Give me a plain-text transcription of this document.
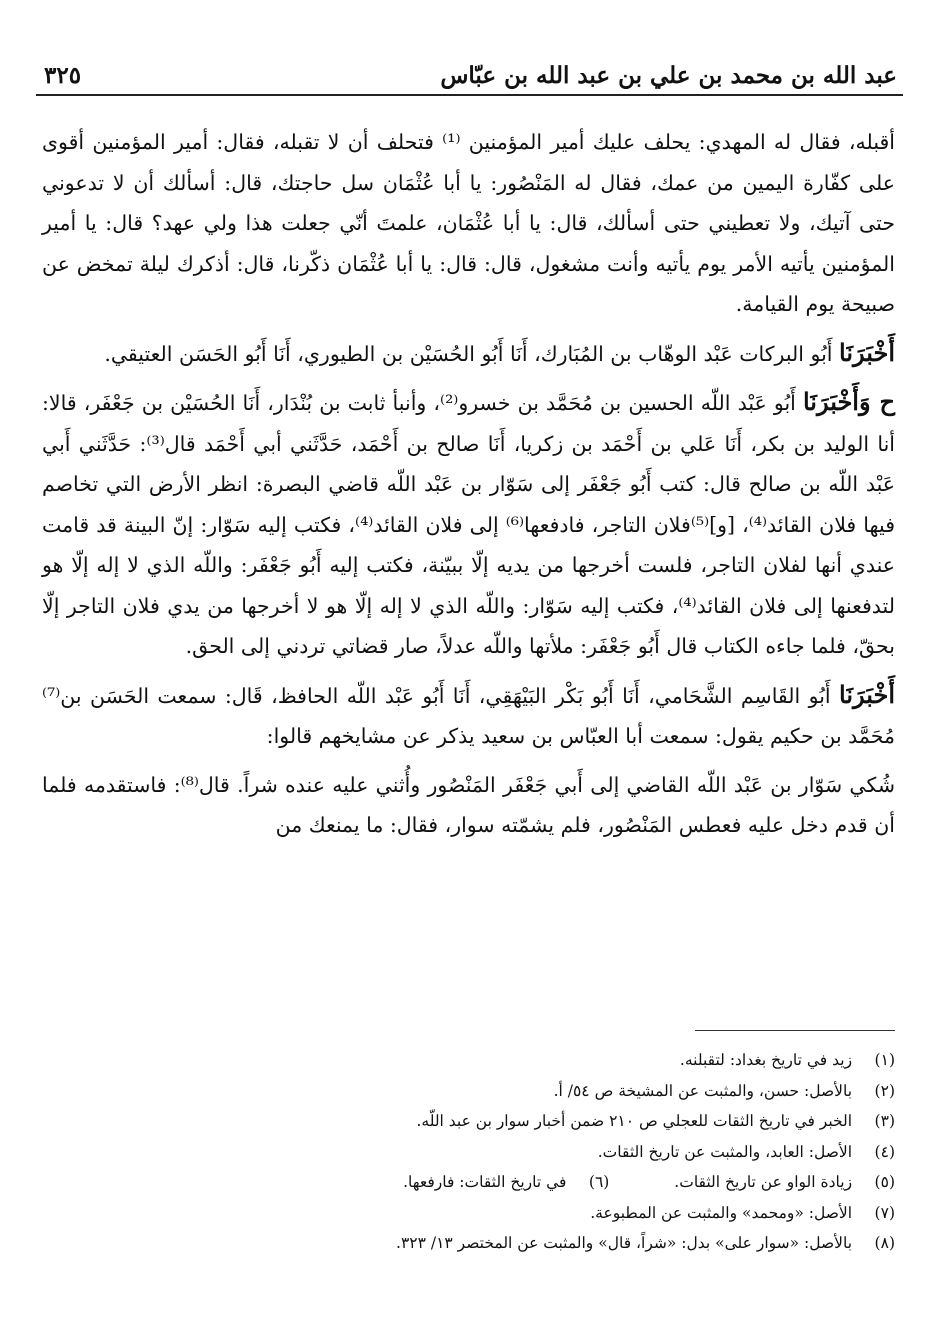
عبد الله بن محمد بن علي بن عبد الله بن عبّاس
٣٢٥

أقبله، فقال له المهدي: يحلف عليك أمير المؤمنين ⁽¹⁾ فتحلف أن لا تقبله، فقال: أمير المؤمنين أقوى على كفّارة اليمين من عمك، فقال له المَنْصُور: يا أبا عُثْمَان سل حاجتك، قال: أسألك أن لا تدعوني حتى آتيك، ولا تعطيني حتى أسألك، قال: يا أبا عُثْمَان، علمتَ أنّي جعلت هذا ولي عهد؟ قال: يا أمير المؤمنين يأتيه الأمر يوم يأتيه وأنت مشغول، قال: قال: يا أبا عُثْمَان ذكّرنا، قال: أذكرك ليلة تمخض عن صبيحة يوم القيامة.

أَخْبَرَنَا أَبُو البركات عَبْد الوهّاب بن المُبَارك، أَنَا أَبُو الحُسَيْن بن الطيوري، أَنَا أَبُو الحَسَن العتيقي.

ح وَأَخْبَرَنَا أَبُو عَبْد اللّه الحسين بن مُحَمَّد بن خسرو⁽²⁾، وأنبأ ثابت بن بُنْدَار، أَنَا الحُسَيْن بن جَعْفَر، قالا: أنا الوليد بن بكر، أَنَا عَلي بن أَحْمَد بن زكريا، أَنَا صالح بن أَحْمَد، حَدَّثَني أبي أَحْمَد قال⁽³⁾: حَدَّثَني أَبي عَبْد اللّه بن صالح قال: كتب أَبُو جَعْفَر إلى سَوّار بن عَبْد اللّه قاضي البصرة: انظر الأرض التي تخاصم فيها فلان القائد⁽⁴⁾، [و]⁽⁵⁾فلان التاجر، فادفعها⁽⁶⁾ إلى فلان القائد⁽⁴⁾، فكتب إليه سَوّار: إنّ البينة قد قامت عندي أنها لفلان التاجر، فلست أخرجها من يديه إلّا ببيّنة، فكتب إليه أَبُو جَعْفَر: واللّه الذي لا إله إلّا هو لتدفعنها إلى فلان القائد⁽⁴⁾، فكتب إليه سَوّار: واللّه الذي لا إله إلّا هو لا أخرجها من يدي فلان التاجر إلّا بحقّ، فلما جاءه الكتاب قال أَبُو جَعْفَر: ملأتها واللّه عدلاً، صار قضاتي تردني إلى الحق.

أَخْبَرَنَا أَبُو القَاسِم الشَّحَامي، أَنَا أَبُو بَكْر البَيْهَقِي، أَنَا أَبُو عَبْد اللّه الحافظ، قَال: سمعت الحَسَن بن⁽⁷⁾ مُحَمَّد بن حكيم يقول: سمعت أبا العبّاس بن سعيد يذكر عن مشايخهم قالوا:

شُكي سَوّار بن عَبْد اللّه القاضي إلى أَبي جَعْفَر المَنْصُور وأُثني عليه عنده شراً. قال⁽⁸⁾: فاستقدمه فلما أن قدم دخل عليه فعطس المَنْصُور، فلم يشمّته سوار، فقال: ما يمنعك من

(١) زيد في تاريخ بغداد: لتقبلنه.
(٢) بالأصل: حسن، والمثبت عن المشيخة ص ٥٤/ أ.
(٣) الخبر في تاريخ الثقات للعجلي ص ٢١٠ ضمن أخبار سوار بن عبد اللّه.
(٤) الأصل: العابد، والمثبت عن تاريخ الثقات.
(٥) زيادة الواو عن تاريخ الثقات. (٦) في تاريخ الثقات: فارفعها.
(٧) الأصل: «ومحمد» والمثبت عن المطبوعة.
(٨) بالأصل: «سوار على» بدل: «شراً، قال» والمثبت عن المختصر ١٣/ ٣٢٣.
